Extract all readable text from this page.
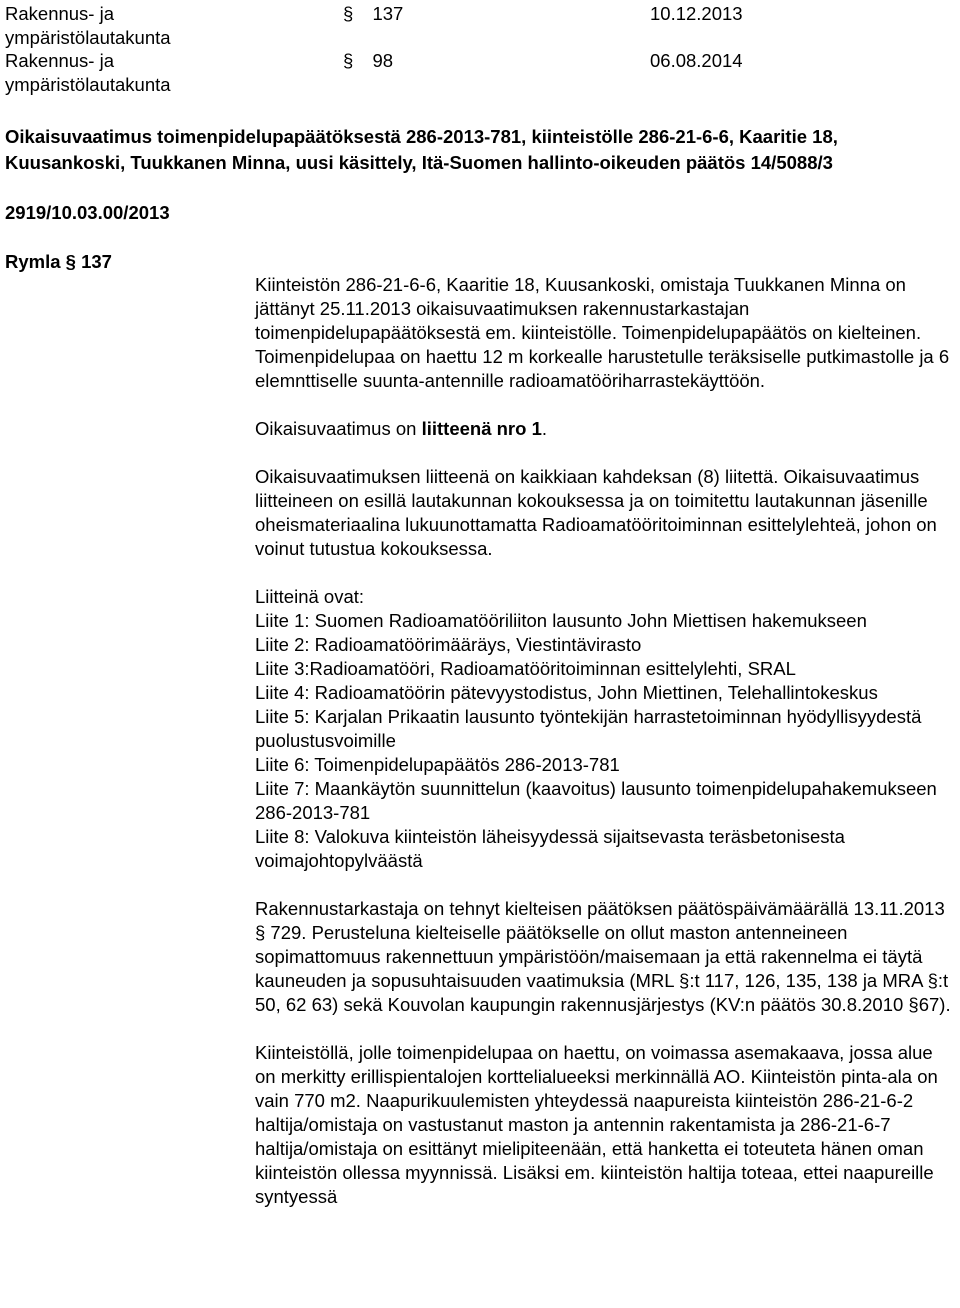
Rakennus- ja
ympäristölautakunta
§ 137	10.12.2013
Rakennus- ja
ympäristölautakunta
§ 98	06.08.2014
Oikaisuvaatimus toimenpidelupapäätöksestä 286-2013-781, kiinteistölle 286-21-6-6, Kaaritie 18, Kuusankoski, Tuukkanen Minna, uusi käsittely, Itä-Suomen hallinto-oikeuden päätös 14/5088/3
2919/10.03.00/2013
Rymla § 137

Kiinteistön 286-21-6-6, Kaaritie 18, Kuusankoski, omistaja Tuukkanen Minna on jättänyt 25.11.2013 oikaisuvaatimuksen rakennustarkastajan toimenpidelupapäätöksestä em. kiinteistölle. Toimenpidelupapäätös on kielteinen. Toimenpidelupaa on haettu 12 m korkealle harustetulle teräksiselle putkimastolle ja 6 elemnttiselle suunta-antennille radioamatööriharrastekäyttöön.

Oikaisuvaatimus on liitteenä nro 1.

Oikaisuvaatimuksen liitteenä on kaikkiaan kahdeksan (8) liitettä. Oikaisuvaatimus liitteineen on esillä lautakunnan kokouksessa ja on toimitettu lautakunnan jäsenille oheismateriaalina lukuunottamatta Radioamatööritoiminnan esittelylehteä, johon on voinut tutustua kokouksessa.

Liitteinä ovat:

Liite 1: Suomen Radioamatööriliiton lausunto John Miettisen hakemukseen

Liite 2: Radioamatöörimääräys, Viestintävirasto

Liite 3:Radioamatööri, Radioamatööritoiminnan esittelylehti, SRAL

Liite 4: Radioamatöörin pätevyystodistus, John Miettinen, Telehallintokeskus

Liite 5: Karjalan Prikaatin lausunto työntekijän harrastetoiminnan hyödyllisyydestä puolustusvoimille

Liite 6: Toimenpidelupapäätös 286-2013-781

Liite 7: Maankäytön suunnittelun (kaavoitus) lausunto toimenpidelupahakemukseen 286-2013-781

Liite 8: Valokuva kiinteistön läheisyydessä sijaitsevasta teräsbetonisesta voimajohtopylväästä

Rakennustarkastaja on tehnyt kielteisen päätöksen päätöspäivämäärällä 13.11.2013 § 729. Perusteluna kielteiselle päätökselle on ollut maston antenneineen sopimattomuus rakennettuun ympäristöön/maisemaan ja että rakennelma ei täytä kauneuden ja sopusuhtaisuuden vaatimuksia (MRL §:t 117, 126, 135, 138 ja MRA §:t 50, 62 63) sekä Kouvolan kaupungin rakennusjärjestys (KV:n päätös 30.8.2010 §67).

Kiinteistöllä, jolle toimenpidelupaa on haettu, on voimassa asemakaava, jossa alue on merkitty erillispientalojen korttelialueeksi merkinnällä AO. Kiinteistön pinta-ala on vain 770 m2. Naapurikuulemisten yhteydessä naapureista kiinteistön 286-21-6-2 haltija/omistaja on vastustanut maston ja antennin rakentamista ja 286-21-6-7 haltija/omistaja on esittänyt mielipiteenään, että hanketta ei toteuteta hänen oman kiinteistön ollessa myynnissä. Lisäksi em. kiinteistön haltija toteaa, ettei naapureille syntyessä
